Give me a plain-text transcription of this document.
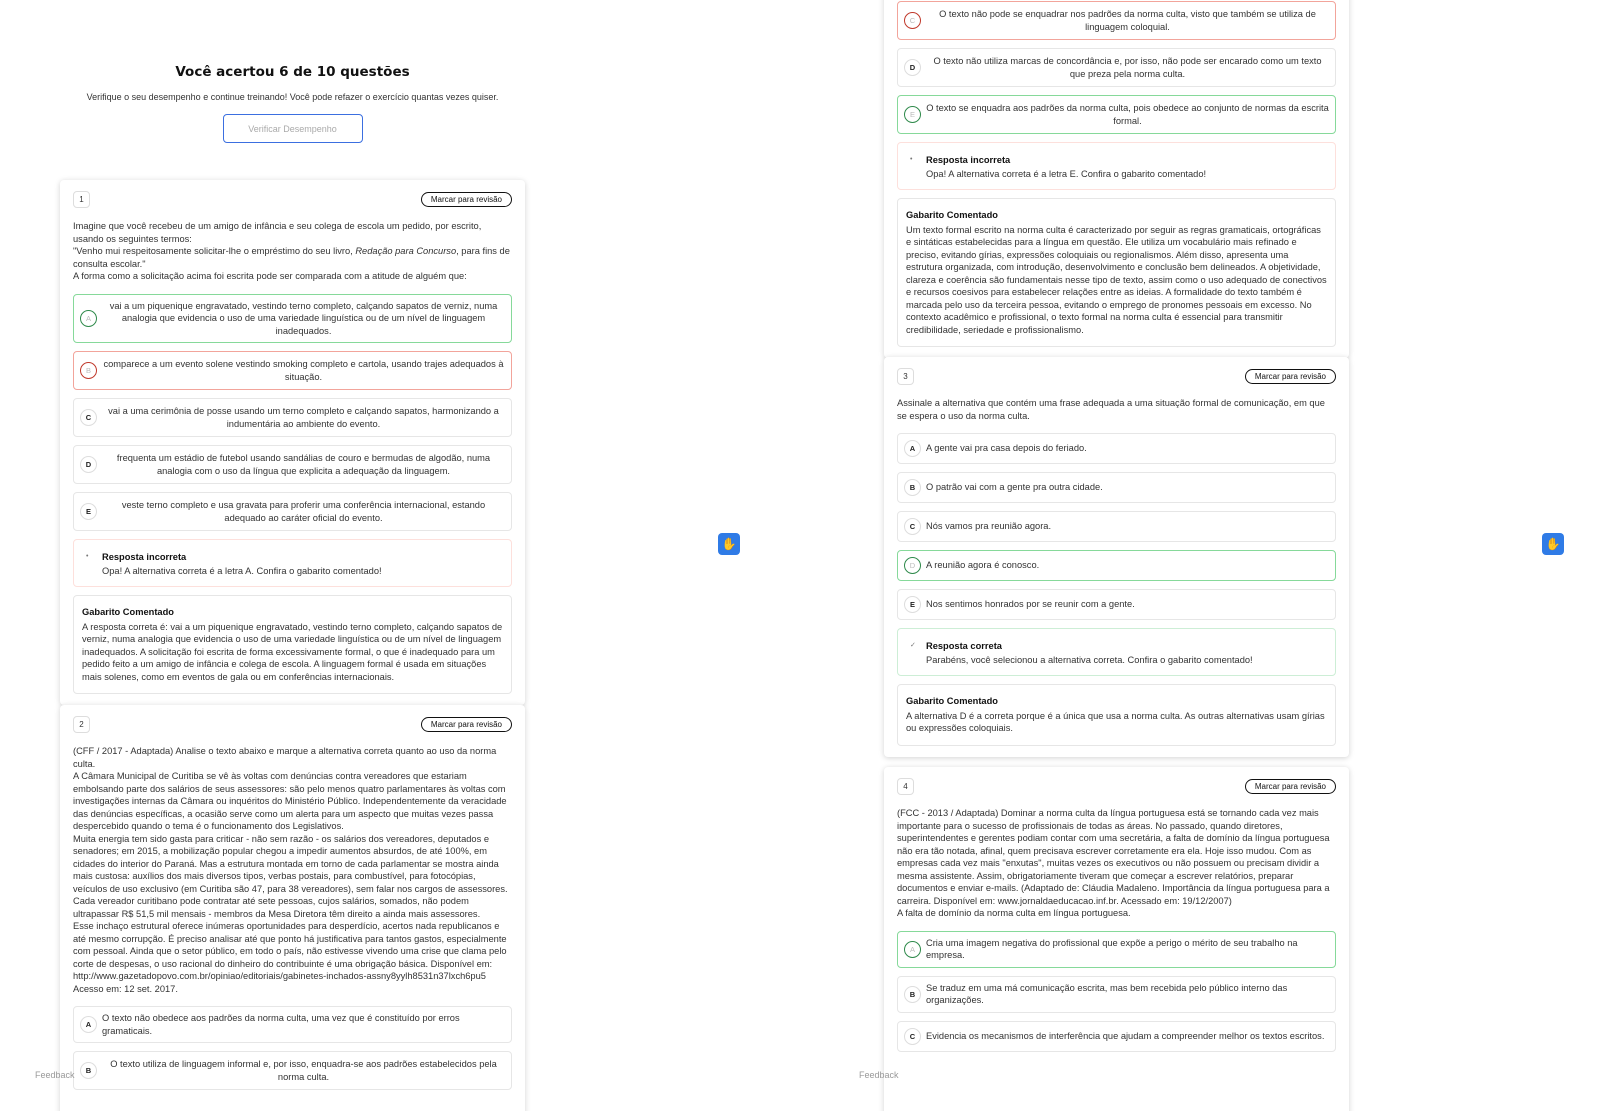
Você acertou 6 de 10 questões

Verifique o seu desempenho e continue treinando! Você pode refazer o exercício quantas vezes quiser.

Verificar Desempenho
1	Marcar para revisão
Imagine que você recebeu de um amigo de infância e seu colega de escola um pedido, por escrito, usando os seguintes termos:
"Venho mui respeitosamente solicitar-lhe o empréstimo do seu livro, Redação para Concurso, para fins de consulta escolar."
A forma como a solicitação acima foi escrita pode ser comparada com a atitude de alguém que:
A
vai a um piquenique engravatado, vestindo terno completo, calçando sapatos de verniz, numa analogia que evidencia o uso de uma variedade linguística ou de um nível de linguagem inadequados.
B
comparece a um evento solene vestindo smoking completo e cartola, usando trajes adequados à situação.
C
vai a uma cerimônia de posse usando um terno completo e calçando sapatos, harmonizando a indumentária ao ambiente do evento.
D
frequenta um estádio de futebol usando sandálias de couro e bermudas de algodão, numa analogia com o uso da língua que explicita a adequação da linguagem.
E
veste terno completo e usa gravata para proferir uma conferência internacional, estando adequado ao caráter oficial do evento.
• Resposta incorreta
Opa! A alternativa correta é a letra A. Confira o gabarito comentado!
Gabarito Comentado
A resposta correta é: vai a um piquenique engravatado, vestindo terno completo, calçando sapatos de verniz, numa analogia que evidencia o uso de uma variedade linguística ou de um nível de linguagem inadequados. A solicitação foi escrita de forma excessivamente formal, o que é inadequado para um pedido feito a um amigo de infância e colega de escola. A linguagem formal é usada em situações mais solenes, como em eventos de gala ou em conferências internacionais.
2	Marcar para revisão
(CFF / 2017 - Adaptada) Analise o texto abaixo e marque a alternativa correta quanto ao uso da norma culta.
A Câmara Municipal de Curitiba se vê às voltas com denúncias contra vereadores que estariam embolsando parte dos salários de seus assessores: são pelo menos quatro parlamentares às voltas com investigações internas da Câmara ou inquéritos do Ministério Público. Independentemente da veracidade das denúncias específicas, a ocasião serve como um alerta para um aspecto que muitas vezes passa despercebido quando o tema é o funcionamento dos Legislativos.
Muita energia tem sido gasta para criticar - não sem razão - os salários dos vereadores, deputados e senadores; em 2015, a mobilização popular chegou a impedir aumentos absurdos, de até 100%, em cidades do interior do Paraná. Mas a estrutura montada em torno de cada parlamentar se mostra ainda mais custosa: auxílios dos mais diversos tipos, verbas postais, para combustível, para fotocópias, veículos de uso exclusivo (em Curitiba são 47, para 38 vereadores), sem falar nos cargos de assessores. Cada vereador curitibano pode contratar até sete pessoas, cujos salários, somados, não podem ultrapassar R$ 51,5 mil mensais - membros da Mesa Diretora têm direito a ainda mais assessores.
Esse inchaço estrutural oferece inúmeras oportunidades para desperdício, acertos nada republicanos e até mesmo corrupção. É preciso analisar até que ponto há justificativa para tantos gastos, especialmente com pessoal. Ainda que o setor público, em todo o país, não estivesse vivendo uma crise que clama pelo corte de despesas, o uso racional do dinheiro do contribuinte é uma obrigação básica. Disponível em: http://www.gazetadopovo.com.br/opiniao/editoriais/gabinetes-inchados-assny8yylh8531n37lxch6pu5 Acesso em: 12 set. 2017.
A
O texto não obedece aos padrões da norma culta, uma vez que é constituído por erros gramaticais.
B
O texto utiliza de linguagem informal e, por isso, enquadra-se aos padrões estabelecidos pela norma culta.
✋
Feedback
C
O texto não pode se enquadrar nos padrões da norma culta, visto que também se utiliza de linguagem coloquial.
D
O texto não utiliza marcas de concordância e, por isso, não pode ser encarado como um texto que preza pela norma culta.
E
O texto se enquadra aos padrões da norma culta, pois obedece ao conjunto de normas da escrita formal.
• Resposta incorreta
Opa! A alternativa correta é a letra E. Confira o gabarito comentado!
Gabarito Comentado
Um texto formal escrito na norma culta é caracterizado por seguir as regras gramaticais, ortográficas e sintáticas estabelecidas para a língua em questão. Ele utiliza um vocabulário mais refinado e preciso, evitando gírias, expressões coloquiais ou regionalismos. Além disso, apresenta uma estrutura organizada, com introdução, desenvolvimento e conclusão bem delineados. A objetividade, clareza e coerência são fundamentais nesse tipo de texto, assim como o uso adequado de conectivos e recursos coesivos para estabelecer relações entre as ideias. A formalidade do texto também é marcada pelo uso da terceira pessoa, evitando o emprego de pronomes pessoais em excesso. No contexto acadêmico e profissional, o texto formal na norma culta é essencial para transmitir credibilidade, seriedade e profissionalismo.
3	Marcar para revisão
Assinale a alternativa que contém uma frase adequada a uma situação formal de comunicação, em que se espera o uso da norma culta.
A	A gente vai pra casa depois do feriado.
B	O patrão vai com a gente pra outra cidade.
C	Nós vamos pra reunião agora.
D	A reunião agora é conosco.
E	Nos sentimos honrados por se reunir com a gente.
✓ Resposta correta
Parabéns, você selecionou a alternativa correta. Confira o gabarito comentado!
Gabarito Comentado
A alternativa D é a correta porque é a única que usa a norma culta. As outras alternativas usam gírias ou expressões coloquiais.
4	Marcar para revisão
(FCC - 2013 / Adaptada) Dominar a norma culta da língua portuguesa está se tornando cada vez mais importante para o sucesso de profissionais de todas as áreas. No passado, quando diretores, superintendentes e gerentes podiam contar com uma secretária, a falta de domínio da língua portuguesa não era tão notada, afinal, quem precisava escrever corretamente era ela. Hoje isso mudou. Com as empresas cada vez mais "enxutas", muitas vezes os executivos ou não possuem ou precisam dividir a mesma assistente. Assim, obrigatoriamente tiveram que começar a escrever relatórios, preparar documentos e enviar e-mails. (Adaptado de: Cláudia Madaleno. Importância da língua portuguesa para a carreira. Disponível em: www.jornaldaeducacao.inf.br. Acessado em: 19/12/2007)
A falta de domínio da norma culta em língua portuguesa.
A
Cria uma imagem negativa do profissional que expõe a perigo o mérito de seu trabalho na empresa.
B
Se traduz em uma má comunicação escrita, mas bem recebida pelo público interno das organizações.
C	Evidencia os mecanismos de interferência que ajudam a compreender melhor os textos escritos.
✋
Feedback
